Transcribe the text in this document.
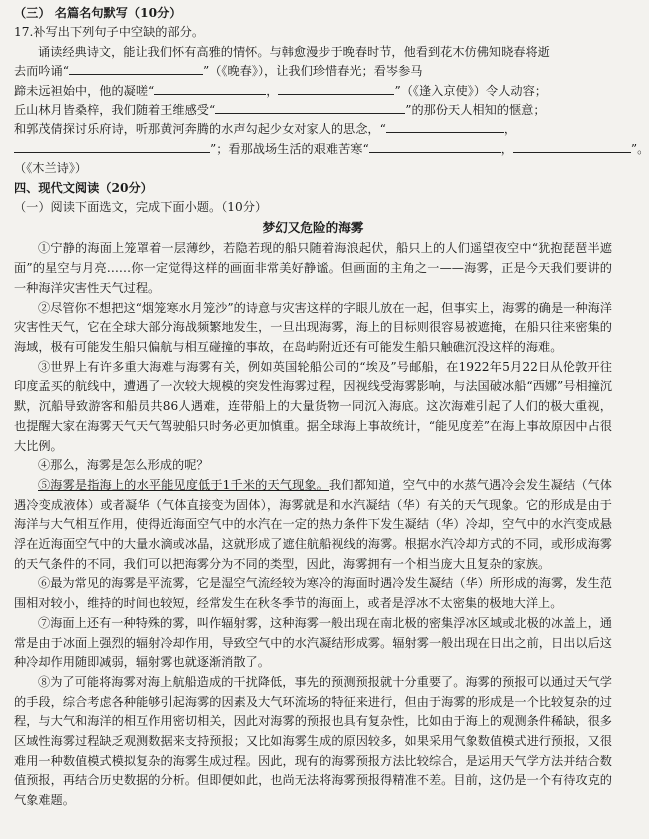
（三） 名篇名句默写（10分）
17.补写出下列句子中空缺的部分。
诵读经典诗文，能让我们怀有高雅的情怀。与韩愈漫步于晚春时节，他看到花木仿佛知晓春将逝
去而吟诵“	”（《晚春》），让我们珍惜春光；看岑参马
蹄未远袒始中，他的凝嗟“	，	”（《逢入京使》）令人动容；
丘山林月皆桑梓，我们随着王维感受“	”的那份天人相知的惬意；
和郭茂倩探讨乐府诗，听那黄河奔腾的水声勾起少女对家人的思念，“	，
”；看那战场生活的艰难苦寒“	，	”。
（《木兰诗》）
四、现代文阅读（20分）
（一）阅读下面选文，完成下面小题。（10分）
梦幻又危险的海雾

①宁静的海面上笼罩着一层薄纱，若隐若现的船只随着海浪起伏，船只上的人们遥望夜空中“犹抱琵琶半遮面”的星空与月亮……你一定觉得这样的画面非常美好静谧。但画面的主角之一——海雾，正是今天我们要讲的一种海洋灾害性天气过程。

②尽管你不想把这“烟笼寒水月笼沙”的诗意与灾害这样的字眼儿放在一起，但事实上，海雾的确是一种海洋灾害性天气，它在全球大部分海战频繁地发生，一旦出现海雾，海上的目标则很容易被遮掩，在船只往来密集的海域，极有可能发生船只偏航与相互碰撞的事故，在岛屿附近还有可能发生船只触礁沉没这样的海难。

③世界上有许多重大海难与海雾有关，例如英国轮船公司的“埃及”号邮船，在1922年5月22日从伦敦开往印度孟买的航线中，遭遇了一次较大规模的突发性海雾过程，因视线受海雾影响，与法国破冰船“西娜”号相撞沉默，沉船导致游客和船员共86人遇难，连带船上的大量货物一同沉入海底。这次海难引起了人们的极大重视，也提醒大家在海雾天气天气驾驶船只时务必更加慎重。据全球海上事故统计，“能见度差”在海上事故原因中占很大比例。

④那么，海雾是怎么形成的呢？

⑤海雾是指海上的水平能见度低于1千米的天气现象。我们都知道，空气中的水蒸气遇冷会发生凝结（气体遇冷变成液体）或者凝华（气体直接变为固体），海雾就是和水汽凝结（华）有关的天气现象。它的形成是由于海洋与大气相互作用，使得近海面空气中的水汽在一定的热力条件下发生凝结（华）冷却，空气中的水汽变成悬浮在近海面空气中的大量水滴或冰晶，这就形成了遮住航船视线的海雾。根据水汽冷却方式的不同，或形成海雾的天气条件的不同，我们可以把海雾分为不同的类型，因此，海雾拥有一个相当庞大且复杂的家族。

⑥最为常见的海雾是平流雾，它是湿空气流经较为寒冷的海面时遇冷发生凝结（华）所形成的海雾，发生范围相对较小，维持的时间也较短，经常发生在秋冬季节的海面上，或者是浮冰不太密集的极地大洋上。

⑦海面上还有一种特殊的雾，叫作辐射雾，这种海雾一般出现在南北极的密集浮冰区域或北极的冰盖上，通常是由于冰面上强烈的辐射冷却作用，导致空气中的水汽凝结形成雾。辐射雾一般出现在日出之前，日出以后这种冷却作用随即减弱，辐射雾也就逐渐消散了。

⑧为了可能将海雾对海上航船造成的干扰降低，事先的预测预报就十分重要了。海雾的预报可以通过天气学的手段，综合考虑各种能够引起海雾的因素及大气环流场的特征来进行，但由于海雾的形成是一个比较复杂的过程，与大气和海洋的相互作用密切相关，因此对海雾的预报也具有复杂性，比如由于海上的观测条件稀缺，很多区域性海雾过程缺乏观测数据来支持预报；又比如海雾生成的原因较多，如果采用气象数值模式进行预报，又很难用一种数值模式模拟复杂的海雾生成过程。因此，现有的海雾预报方法比较综合，是运用天气学方法并结合数值预报，再结合历史数据的分析。但即便如此，也尚无法将海雾预报得精准不差。目前，这仍是一个有待攻克的气象难题。
